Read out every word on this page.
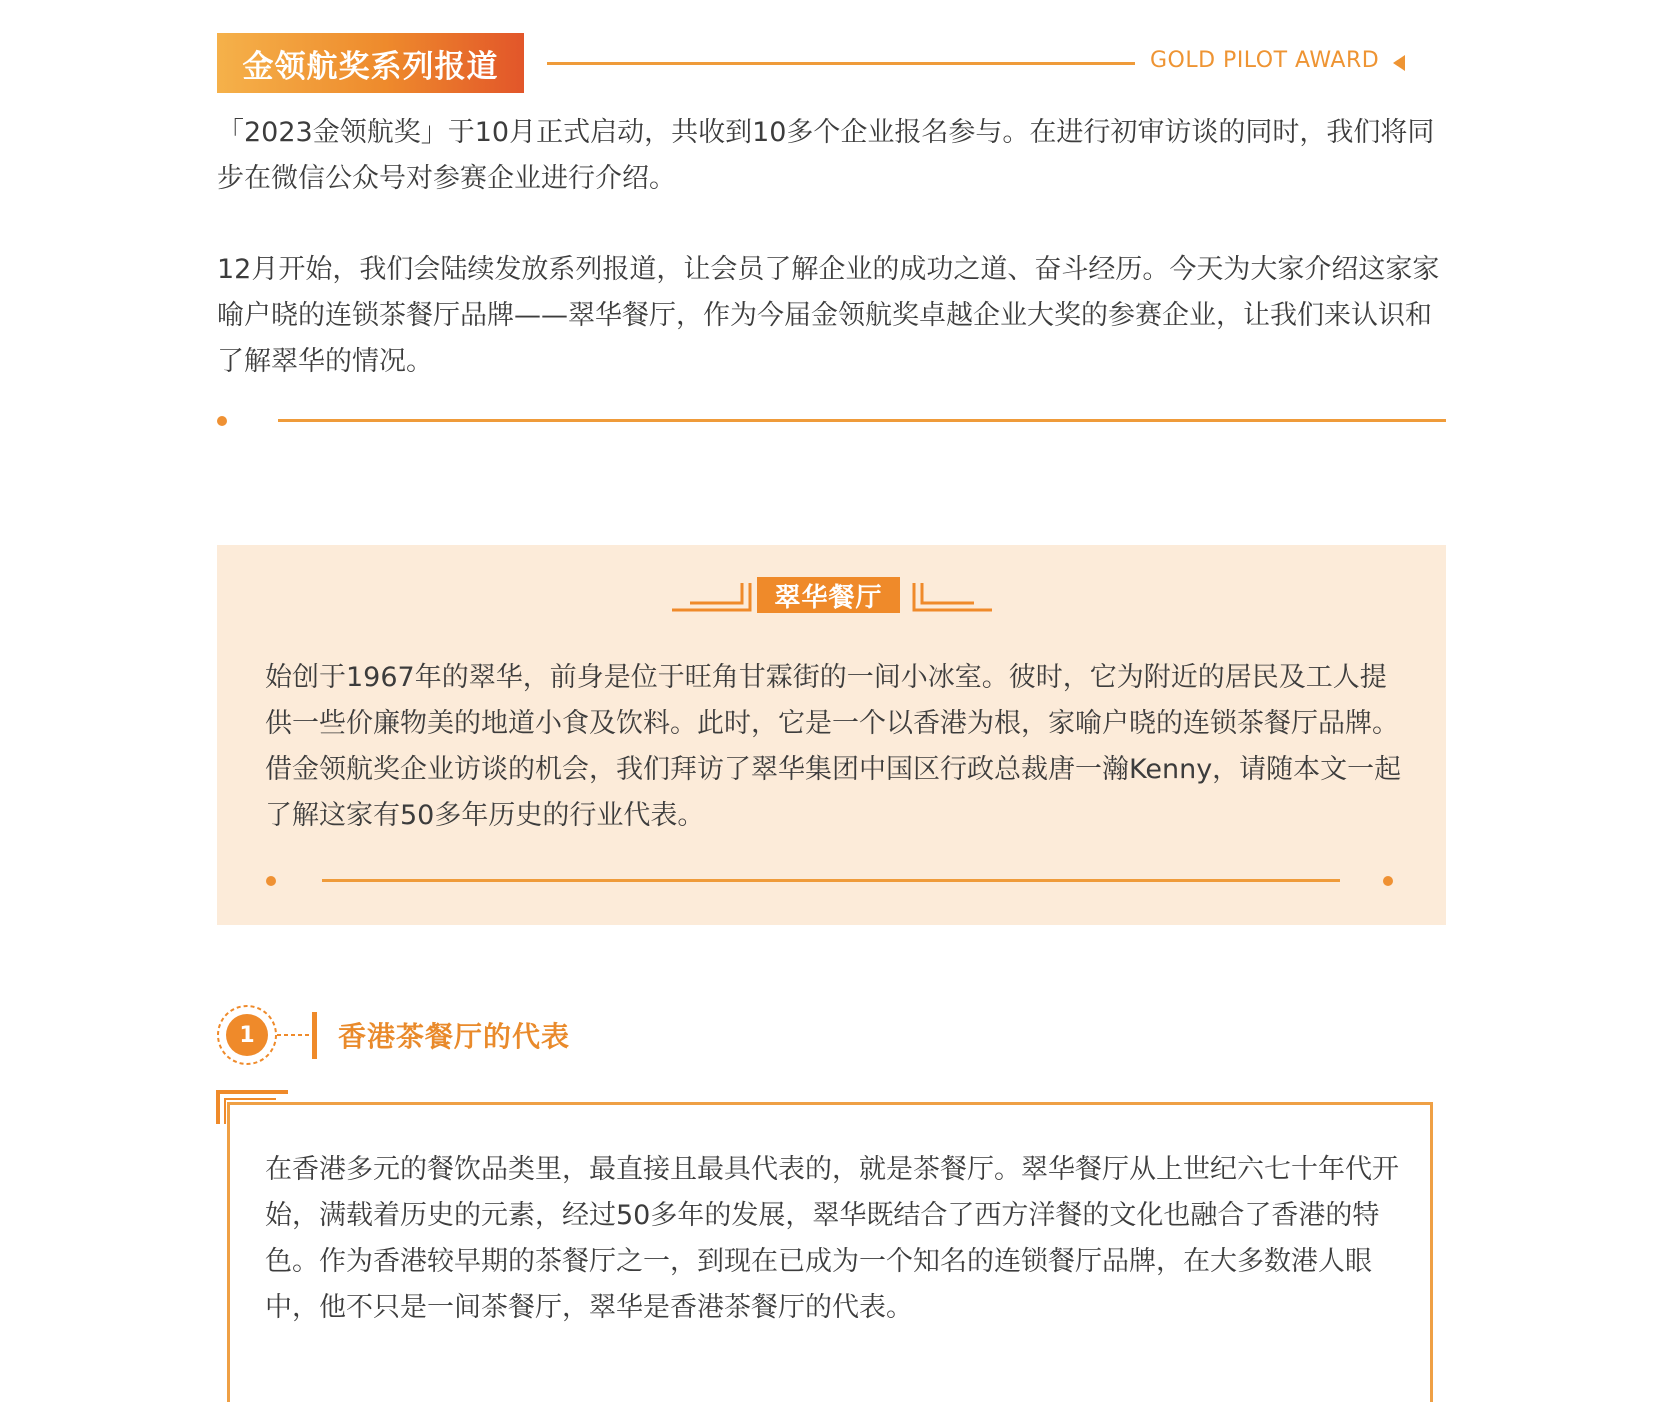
金领航奖系列报道	GOLD PILOT AWARD

「2023金领航奖」于10月正式启动，共收到10多个企业报名参与。在进行初审访谈的同时，我们将同步在微信公众号对参赛企业进行介绍。

12月开始，我们会陆续发放系列报道，让会员了解企业的成功之道、奋斗经历。今天为大家介绍这家家喻户晓的连锁茶餐厅品牌——翠华餐厅，作为今届金领航奖卓越企业大奖的参赛企业，让我们来认识和了解翠华的情况。

翠华餐厅

始创于1967年的翠华，前身是位于旺角甘霖街的一间小冰室。彼时，它为附近的居民及工人提供一些价廉物美的地道小食及饮料。此时，它是一个以香港为根，家喻户晓的连锁茶餐厅品牌。借金领航奖企业访谈的机会，我们拜访了翠华集团中国区行政总裁唐一瀚Kenny，请随本文一起了解这家有50多年历史的行业代表。

1	香港茶餐厅的代表

在香港多元的餐饮品类里，最直接且最具代表的，就是茶餐厅。翠华餐厅从上世纪六七十年代开始，满载着历史的元素，经过50多年的发展，翠华既结合了西方洋餐的文化也融合了香港的特色。作为香港较早期的茶餐厅之一，到现在已成为一个知名的连锁餐厅品牌，在大多数港人眼中，他不只是一间茶餐厅，翠华是香港茶餐厅的代表。
